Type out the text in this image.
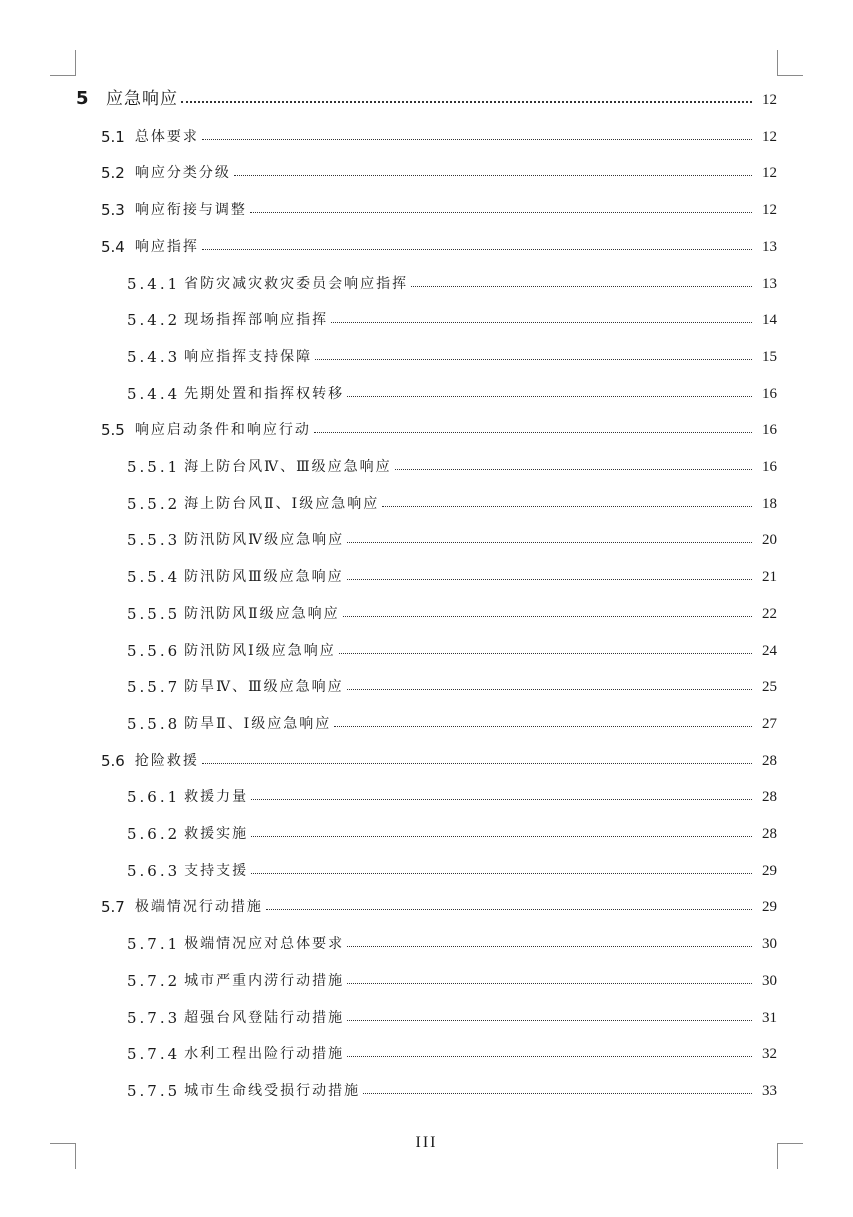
5	应急响应	12
5.1 总体要求	12
5.2 响应分类分级	12
5.3 响应衔接与调整	12
5.4 响应指挥	13
5.4.1 省防灾减灾救灾委员会响应指挥	13
5.4.2 现场指挥部响应指挥	14
5.4.3 响应指挥支持保障	15
5.4.4 先期处置和指挥权转移	16
5.5 响应启动条件和响应行动	16
5.5.1 海上防台风Ⅳ、Ⅲ级应急响应	16
5.5.2 海上防台风Ⅱ、Ⅰ级应急响应	18
5.5.3 防汛防风Ⅳ级应急响应	20
5.5.4 防汛防风Ⅲ级应急响应	21
5.5.5 防汛防风Ⅱ级应急响应	22
5.5.6 防汛防风Ⅰ级应急响应	24
5.5.7 防旱Ⅳ、Ⅲ级应急响应	25
5.5.8 防旱Ⅱ、Ⅰ级应急响应	27
5.6 抢险救援	28
5.6.1 救援力量	28
5.6.2 救援实施	28
5.6.3 支持支援	29
5.7 极端情况行动措施	29
5.7.1 极端情况应对总体要求	30
5.7.2 城市严重内涝行动措施	30
5.7.3 超强台风登陆行动措施	31
5.7.4 水利工程出险行动措施	32
5.7.5 城市生命线受损行动措施	33
III
